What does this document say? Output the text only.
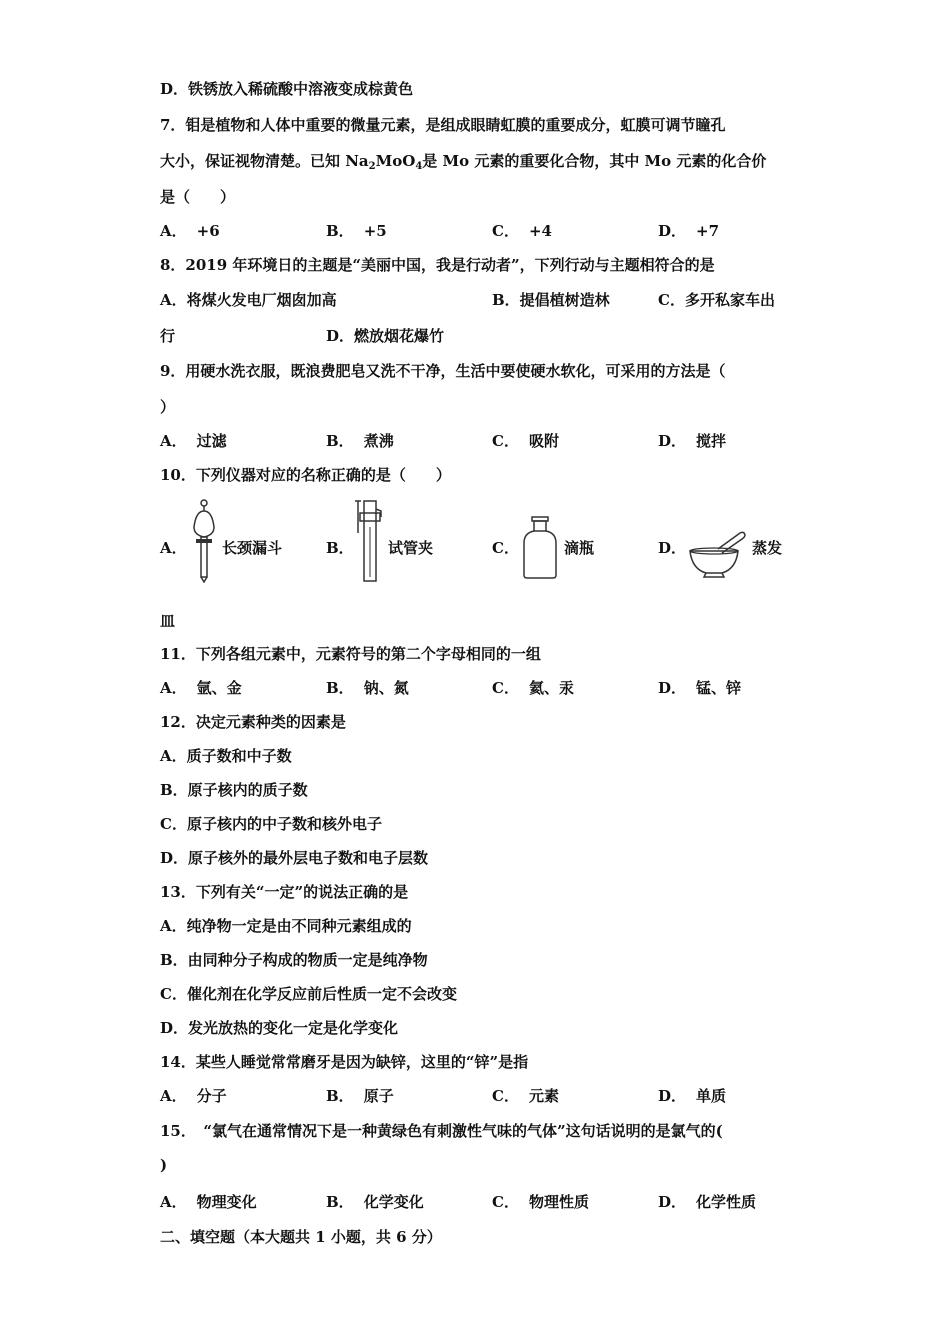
D．铁锈放入稀硫酸中溶液变成棕黄色
7．钼是植物和人体中重要的微量元素，是组成眼睛虹膜的重要成分，虹膜可调节瞳孔
大小，保证视物清楚。已知 $Na_2MoO_4$是 Mo 元素的重要化合物，其中 Mo 元素的化合价
是（　　）
A． +6	B． +5	C． +4	D． +7
8．2019 年环境日的主题是“美丽中国，我是行动者”，下列行动与主题相符合的是
A．将煤火发电厂烟囱加高	B．提倡植树造林	C．多开私家车出
行	D．燃放烟花爆竹
9．用硬水洗衣服，既浪费肥皂又洗不干净，生活中要使硬水软化，可采用的方法是（
）
A． 过滤	B． 煮沸	C． 吸附	D． 搅拌
10．下列仪器对应的名称正确的是（　　）
A． 长颈漏斗	B． 试管夹	C．	滴瓶	D．	蒸发
皿
11．下列各组元素中，元素符号的第二个字母相同的一组
A． 氩、金	B． 钠、氮	C． 氦、汞	D． 锰、锌
12．决定元素种类的因素是
A．质子数和中子数
B．原子核内的质子数
C．原子核内的中子数和核外电子
D．原子核外的最外层电子数和电子层数
13．下列有关“一定”的说法正确的是
A．纯净物一定是由不同种元素组成的
B．由同种分子构成的物质一定是纯净物
C．催化剂在化学反应前后性质一定不会改变
D．发光放热的变化一定是化学变化
14．某些人睡觉常常磨牙是因为缺锌，这里的“锌”是指
A． 分子	B． 原子	C． 元素	D． 单质
15．　“氯气在通常情况下是一种黄绿色有刺激性气味的气体”这句话说明的是氯气的(
)
A． 物理变化	B． 化学变化	C． 物理性质	D． 化学性质
二、填空题（本大题共 1 小题，共 6 分）
